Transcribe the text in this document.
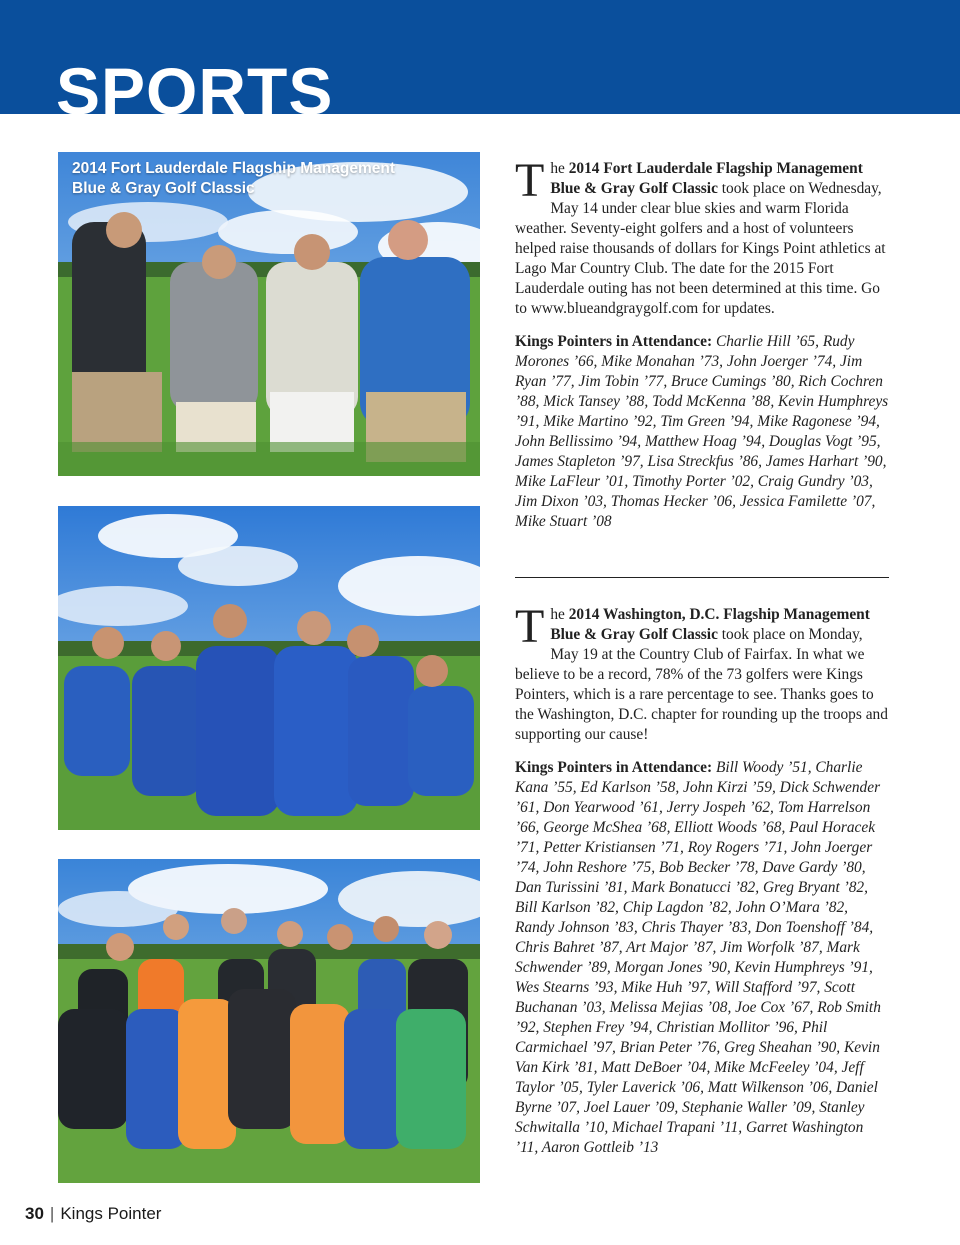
SPORTS
2014 Fort Lauderdale Flagship Management
Blue & Gray Golf Classic	The 2014 Fort Lauderdale Flagship Management Blue & Gray Golf Classic took place on Wednesday, May 14 under clear blue skies and warm Florida weather. Seventy-eight golfers and a host of volunteers helped raise thousands of dollars for Kings Point athletics at Lago Mar Country Club. The date for the 2015 Fort Lauderdale outing has not been determined at this time. Go to www.blueandgraygolf.com for updates.

Kings Pointers in Attendance: Charlie Hill ’65, Rudy Morones ’66, Mike Monahan ’73, John Joerger ’74, Jim Ryan ’77, Jim Tobin ’77, Bruce Cumings ’80, Rich Cochren ’88, Mick Tansey ’88, Todd McKenna ’88, Kevin Humphreys ’91, Mike Martino ’92, Tim Green ’94, Mike Ragonese ’94, John Bellissimo ’94, Matthew Hoag ’94, Douglas Vogt ’95, James Stapleton ’97, Lisa Streckfus ’86, James Harhart ’90, Mike LaFleur ’01, Timothy Porter ’02, Craig Gundry ’03, Jim Dixon ’03, Thomas Hecker ’06, Jessica Familette ’07, Mike Stuart ’08

The 2014 Washington, D.C. Flagship Management Blue & Gray Golf Classic took place on Monday, May 19 at the Country Club of Fairfax. In what we believe to be a record, 78% of the 73 golfers were Kings Pointers, which is a rare percentage to see. Thanks goes to the Washington, D.C. chapter for rounding up the troops and supporting our cause!

Kings Pointers in Attendance: Bill Woody ’51, Charlie Kana ’55, Ed Karlson ’58, John Kirzi ’59, Dick Schwender ’61, Don Yearwood ’61, Jerry Jospeh ’62, Tom Harrelson ’66, George McShea ’68, Elliott Woods ’68, Paul Horacek ’71, Petter Kristiansen ’71, Roy Rogers ’71, John Joerger ’74, John Reshore ’75, Bob Becker ’78, Dave Gardy ’80, Dan Turissini ’81, Mark Bonatucci ’82, Greg Bryant ’82, Bill Karlson ’82, Chip Lagdon ’82, John O’Mara ’82, Randy Johnson ’83, Chris Thayer ’83, Don Toenshoff ’84, Chris Bahret ’87, Art Major ’87, Jim Worfolk ’87, Mark Schwender ’89, Morgan Jones ’90, Kevin Humphreys ’91, Wes Stearns ’93, Mike Huh ’97, Will Stafford ’97, Scott Buchanan ’03, Melissa Mejias ’08, Joe Cox ’67, Rob Smith ’92, Stephen Frey ’94, Christian Mollitor ’96, Phil Carmichael ’97, Brian Peter ’76, Greg Sheahan ’90, Kevin Van Kirk ’81, Matt DeBoer ’04, Mike McFeeley ’04, Jeff Taylor ’05, Tyler Laverick ’06, Matt Wilkenson ’06, Daniel Byrne ’07, Joel Lauer ’09, Stephanie Waller ’09, Stanley Schwitalla ’10, Michael Trapani ’11, Garret Washington ’11, Aaron Gottleib ’13

30 | Kings Pointer
